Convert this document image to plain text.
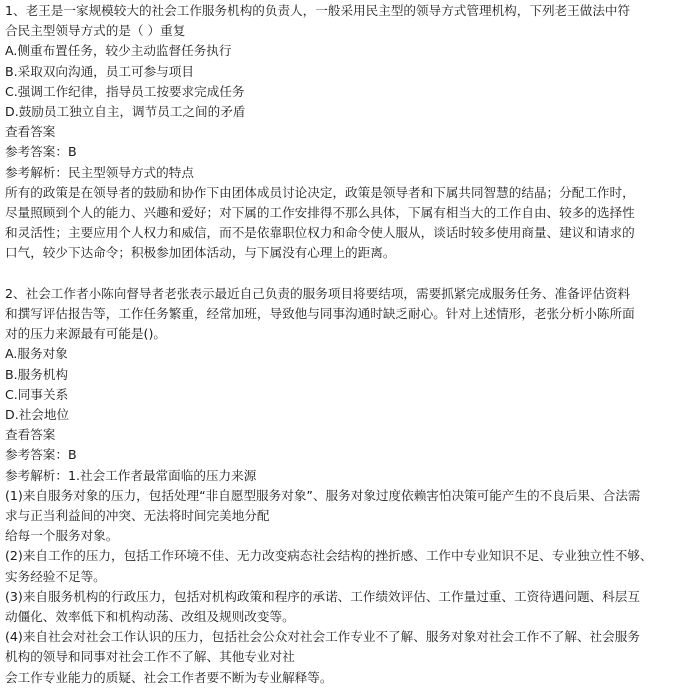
1、老王是一家规模较大的社会工作服务机构的负责人，一般采用民主型的领导方式管理机构，下列老王做法中符
合民主型领导方式的是（ ）重复
A.侧重布置任务，较少主动监督任务执行
B.采取双向沟通，员工可参与项目
C.强调工作纪律，指导员工按要求完成任务
D.鼓励员工独立自主，调节员工之间的矛盾
查看答案
参考答案：B
参考解析：民主型领导方式的特点
所有的政策是在领导者的鼓励和协作下由团体成员讨论决定，政策是领导者和下属共同智慧的结晶；分配工作时，
尽量照顾到个人的能力、兴趣和爱好；对下属的工作安排得不那么具体，下属有相当大的工作自由、较多的选择性
和灵活性；主要应用个人权力和威信，而不是依靠职位权力和命令使人服从，谈话时较多使用商量、建议和请求的
口气，较少下达命令；积极参加团体活动，与下属没有心理上的距离。
2、社会工作者小陈向督导者老张表示最近自己负责的服务项目将要结项，需要抓紧完成服务任务、准备评估资料
和撰写评估报告等，工作任务繁重，经常加班，导致他与同事沟通时缺乏耐心。针对上述情形，老张分析小陈所面
对的压力来源最有可能是()。
A.服务对象
B.服务机构
C.同事关系
D.社会地位
查看答案
参考答案：B
参考解析：1.社会工作者最常面临的压力来源
(1)来自服务对象的压力，包括处理“非自愿型服务对象”、服务对象过度依赖害怕决策可能产生的不良后果、合法需
求与正当利益间的冲突、无法将时间完美地分配
给每一个服务对象。
(2)来自工作的压力，包括工作环境不佳、无力改变病态社会结构的挫折感、工作中专业知识不足、专业独立性不够、
实务经验不足等。
(3)来自服务机构的行政压力，包括对机构政策和程序的承诺、工作绩效评估、工作量过重、工资待遇问题、科层互
动僵化、效率低下和机构动荡、改组及规则改变等。
(4)来自社会对社会工作认识的压力，包括社会公众对社会工作专业不了解、服务对象对社会工作不了解、社会服务
机构的领导和同事对社会工作不了解、其他专业对社
会工作专业能力的质疑、社会工作者要不断为专业解释等。
